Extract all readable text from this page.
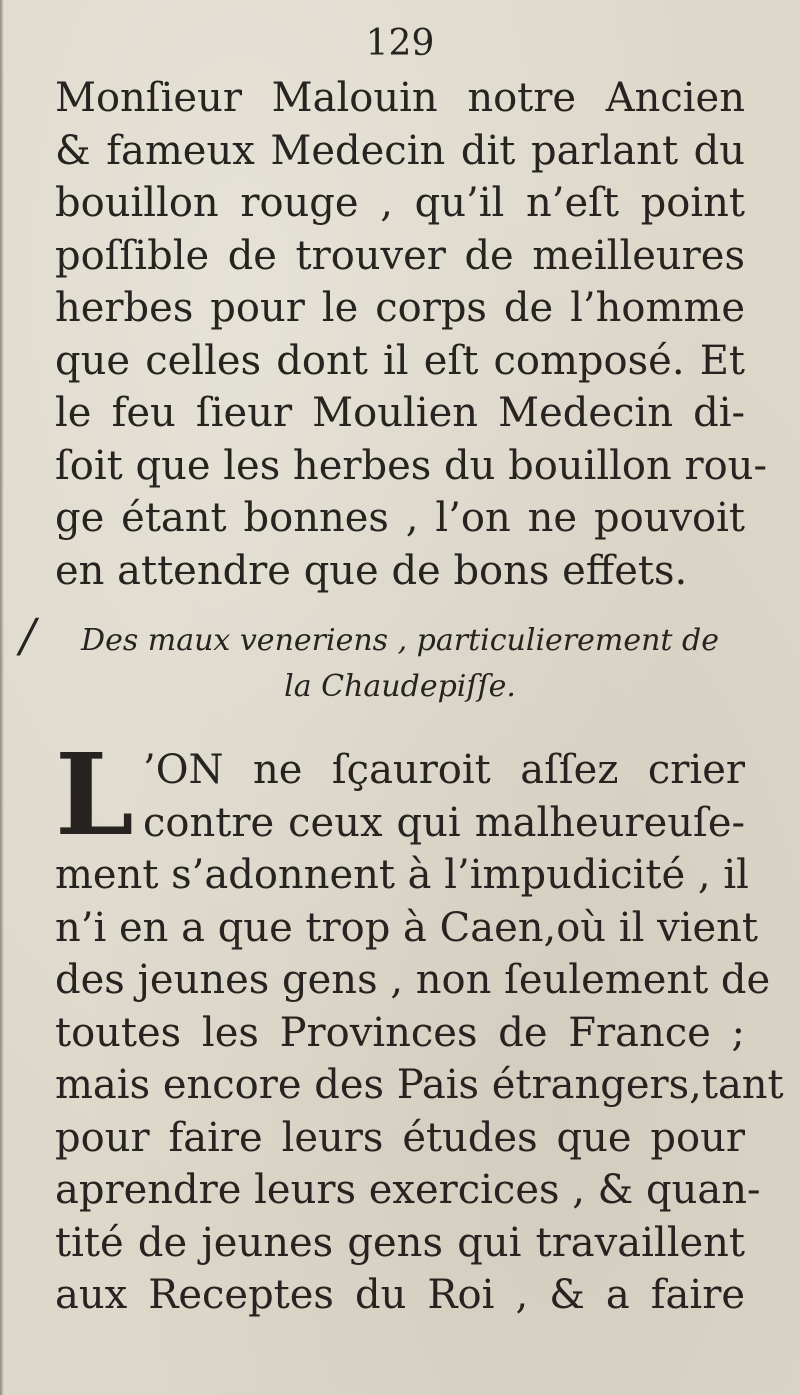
129
Monſieur Malouin notre Ancien
& fameux Medecin dit parlant du
bouillon rouge , qu’il n’eſt point
poſſible de trouver de meilleures
herbes pour le corps de l’homme
que celles dont il eſt composé. Et
le feu ſieur Moulien Medecin di-
ſoit que les herbes du bouillon rou-
ge étant bonnes , l’on ne pouvoit
en attendre que de bons effets.
/	Des maux veneriens , particulierement de
la Chaudepiſſe.
L ’ON ne ſçauroit aſſez crier
contre ceux qui malheureuſe-
ment s’adonnent à l’impudicité , il
n’i en a que trop à Caen,où il vient
des jeunes gens , non ſeulement de
toutes les Provinces de France ;
mais encore des Pais étrangers,tant
pour faire leurs études que pour
aprendre leurs exercices , & quan-
tité de jeunes gens qui travaillent
aux Receptes du Roi , & a faire
